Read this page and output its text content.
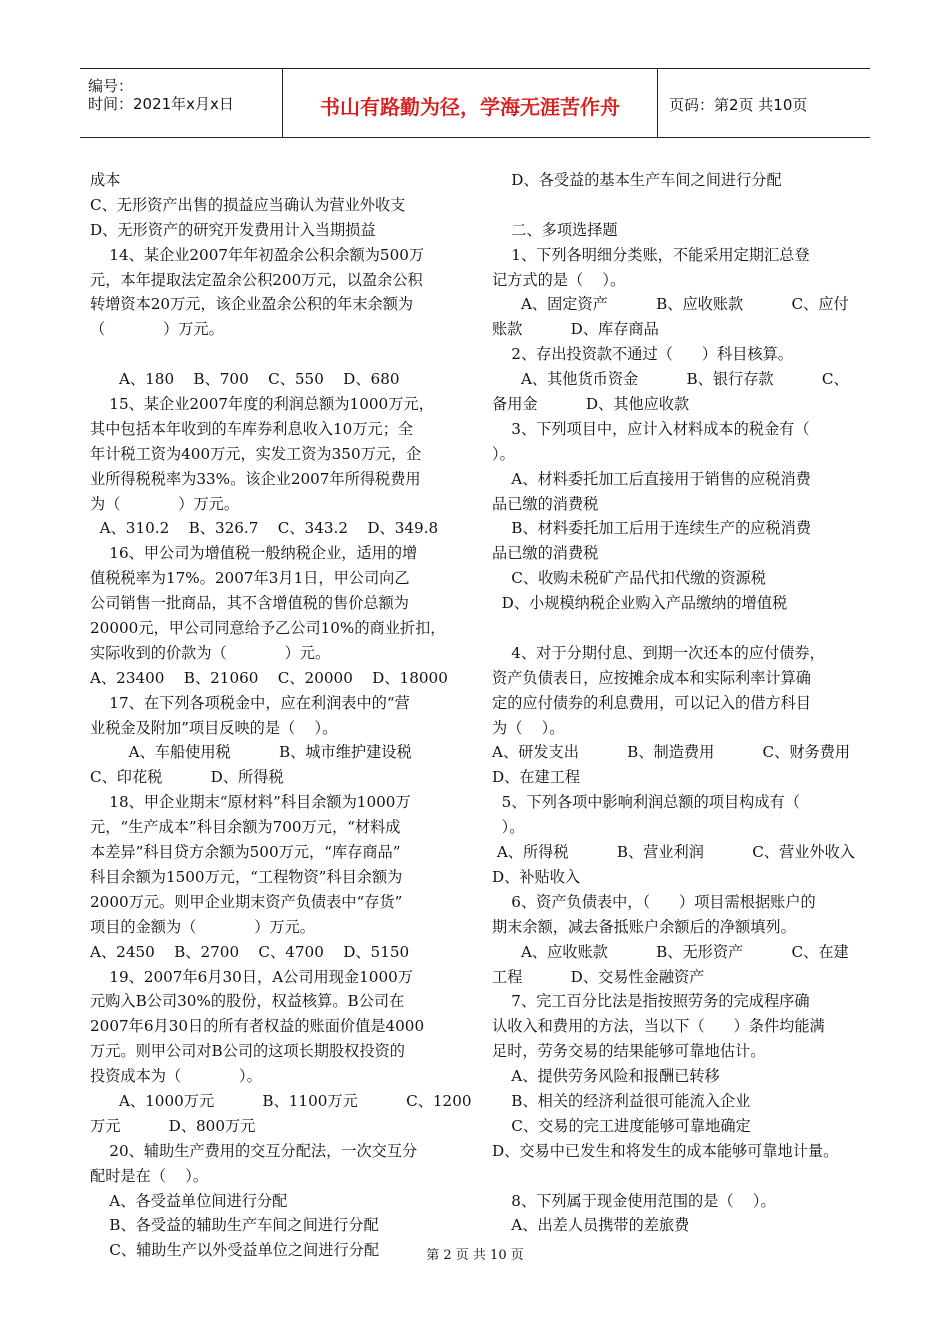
编号：
时间：2021年x月x日	书山有路勤为径，学海无涯苦作舟	页码：第2页 共10页
成本
C、无形资产出售的损益应当确认为营业外收支
D、无形资产的研究开发费用计入当期损益
14、某企业2007年年初盈余公积余额为500万
元，本年提取法定盈余公积200万元，以盈余公积
转增资本20万元，该企业盈余公积的年末余额为
（            ）万元。
A、180    B、700    C、550    D、680
15、某企业2007年度的利润总额为1000万元，
其中包括本年收到的车库券利息收入10万元；全
年计税工资为400万元，实发工资为350万元，企
业所得税税率为33%。该企业2007年所得税费用
为（            ）万元。
A、310.2    B、326.7    C、343.2    D、349.8
16、甲公司为增值税一般纳税企业，适用的增
值税税率为17%。2007年3月1日，甲公司向乙
公司销售一批商品，其不含增值税的售价总额为
20000元，甲公司同意给予乙公司10%的商业折扣，
实际收到的价款为（            ）元。
A、23400    B、21060    C、20000    D、18000
17、在下列各项税金中，应在利润表中的“营
业税金及附加”项目反映的是（    ）。
A、车船使用税          B、城市维护建设税
C、印花税          D、所得税
18、甲企业期末“原材料”科目余额为1000万
元，“生产成本”科目余额为700万元，“材料成
本差异”科目贷方余额为500万元，“库存商品”
科目余额为1500万元，“工程物资”科目余额为
2000万元。则甲企业期末资产负债表中“存货”
项目的金额为（            ）万元。
A、2450    B、2700    C、4700    D、5150
19、2007年6月30日，A公司用现金1000万
元购入B公司30%的股份，权益核算。B公司在
2007年6月30日的所有者权益的账面价值是4000
万元。则甲公司对B公司的这项长期股权投资的
投资成本为（            ）。
A、1000万元          B、1100万元          C、1200
万元          D、800万元
20、辅助生产费用的交互分配法，一次交互分
配时是在（    ）。
A、各受益单位间进行分配
B、各受益的辅助生产车间之间进行分配
C、辅助生产以外受益单位之间进行分配
D、各受益的基本生产车间之间进行分配
二、多项选择题
1、下列各明细分类账，不能采用定期汇总登
记方式的是（    ）。
A、固定资产          B、应收账款          C、应付
账款          D、库存商品
2、存出投资款不通过（      ）科目核算。
A、其他货币资金          B、银行存款          C、
备用金          D、其他应收款
3、下列项目中，应计入材料成本的税金有（
）。
A、材料委托加工后直接用于销售的应税消费
品已缴的消费税
B、材料委托加工后用于连续生产的应税消费
品已缴的消费税
C、收购未税矿产品代扣代缴的资源税
D、小规模纳税企业购入产品缴纳的增值税
4、对于分期付息、到期一次还本的应付债券，
资产负债表日，应按摊余成本和实际利率计算确
定的应付债券的利息费用，可以记入的借方科目
为（    ）。
A、研发支出          B、制造费用          C、财务费用
D、在建工程
5、下列各项中影响利润总额的项目构成有（
）。
A、所得税          B、营业利润          C、营业外收入
D、补贴收入
6、资产负债表中，（      ）项目需根据账户的
期末余额，减去备抵账户余额后的净额填列。
A、应收账款          B、无形资产          C、在建
工程          D、交易性金融资产
7、完工百分比法是指按照劳务的完成程序确
认收入和费用的方法，当以下（      ）条件均能满
足时，劳务交易的结果能够可靠地估计。
A、提供劳务风险和报酬已转移
B、相关的经济利益很可能流入企业
C、交易的完工进度能够可靠地确定
D、交易中已发生和将发生的成本能够可靠地计量。
8、下列属于现金使用范围的是（    ）。
A、出差人员携带的差旅费
第 2 页 共 10 页
